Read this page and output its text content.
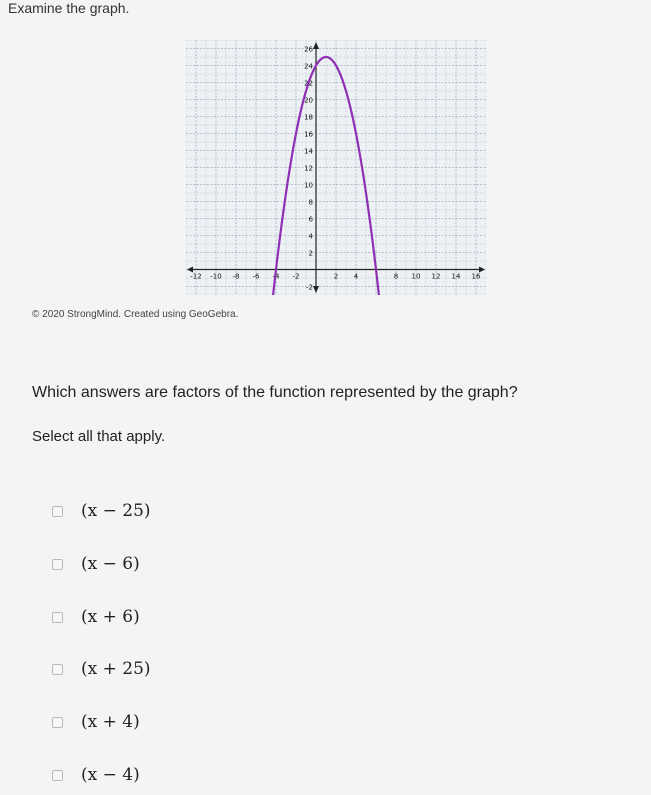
Examine the graph.
26
24
22
20
18
16
14
12
10
8
6
4
2
-2
-12 -10 -8 -6 -4 -2	2 4	8 10 12 14 16
© 2020 StrongMind. Created using GeoGebra.
Which answers are factors of the function represented by the graph?
Select all that apply.
(x − 25)
(x − 6)
(x + 6)
(x + 25)
(x + 4)
(x − 4)
